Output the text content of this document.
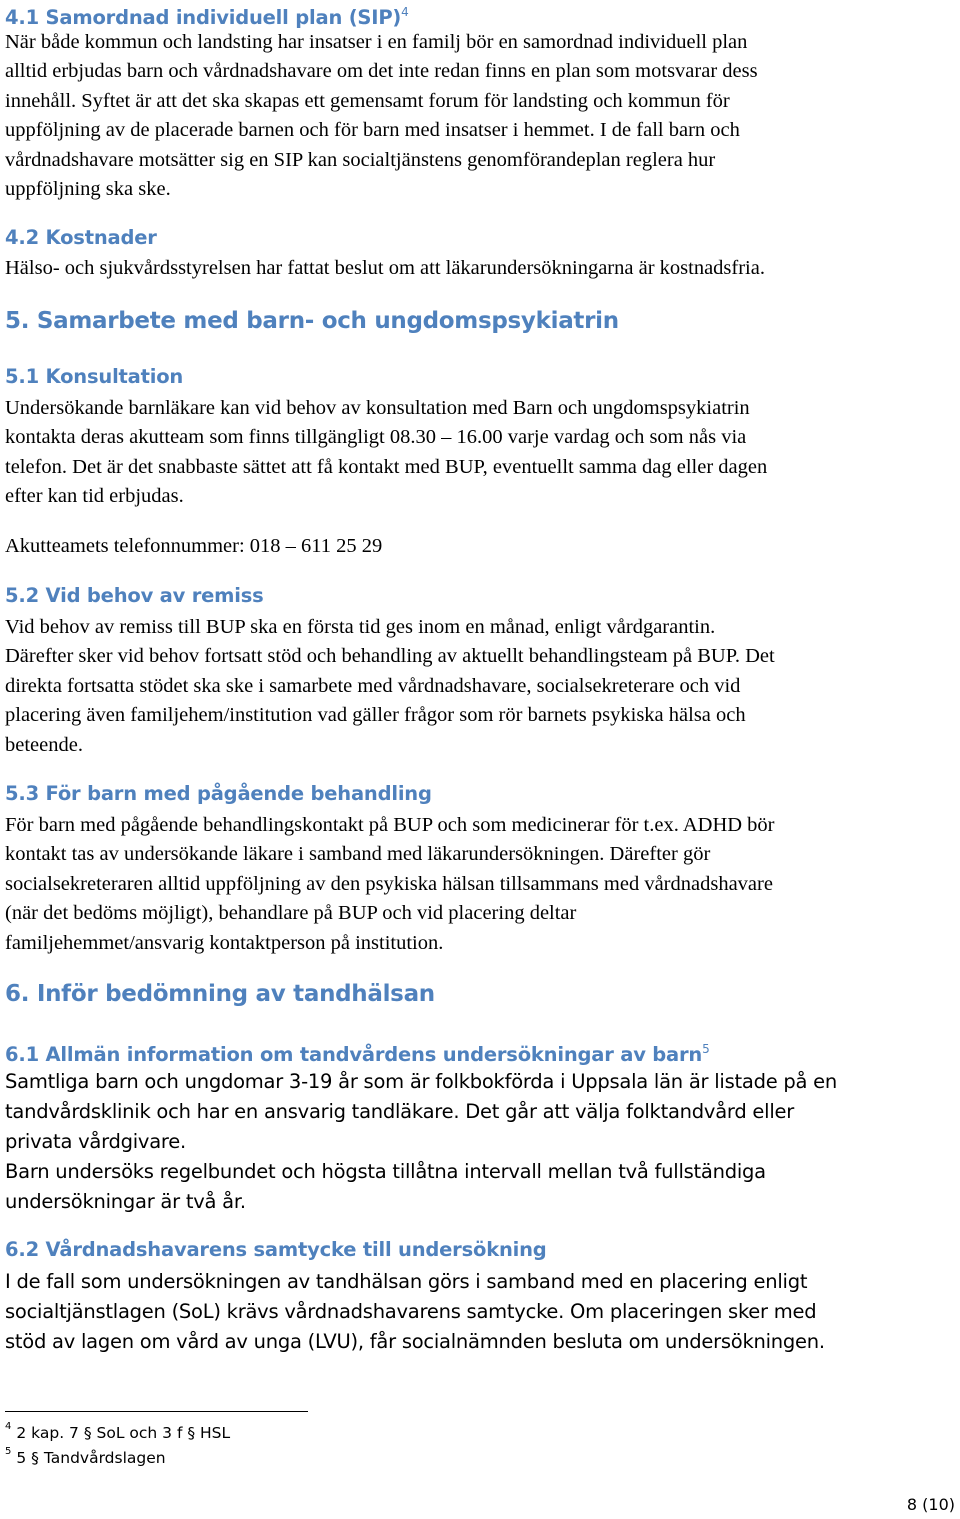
4.1 Samordnad individuell plan (SIP)$^4$
När både kommun och landsting har insatser i en familj bör en samordnad individuell plan
alltid erbjudas barn och vårdnadshavare om det inte redan finns en plan som motsvarar dess
innehåll. Syftet är att det ska skapas ett gemensamt forum för landsting och kommun för
uppföljning av de placerade barnen och för barn med insatser i hemmet. I de fall barn och
vårdnadshavare motsätter sig en SIP kan socialtjänstens genomförandeplan reglera hur
uppföljning ska ske.
4.2 Kostnader
Hälso- och sjukvårdsstyrelsen har fattat beslut om att läkarundersökningarna är kostnadsfria.
5. Samarbete med barn- och ungdomspsykiatrin
5.1 Konsultation
Undersökande barnläkare kan vid behov av konsultation med Barn och ungdomspsykiatrin
kontakta deras akutteam som finns tillgängligt 08.30 – 16.00 varje vardag och som nås via
telefon. Det är det snabbaste sättet att få kontakt med BUP, eventuellt samma dag eller dagen
efter kan tid erbjudas.
Akutteamets telefonnummer: 018 – 611 25 29
5.2 Vid behov av remiss
Vid behov av remiss till BUP ska en första tid ges inom en månad, enligt vårdgarantin.
Därefter sker vid behov fortsatt stöd och behandling av aktuellt behandlingsteam på BUP. Det
direkta fortsatta stödet ska ske i samarbete med vårdnadshavare, socialsekreterare och vid
placering även familjehem/institution vad gäller frågor som rör barnets psykiska hälsa och
beteende.
5.3 För barn med pågående behandling
För barn med pågående behandlingskontakt på BUP och som medicinerar för t.ex. ADHD bör
kontakt tas av undersökande läkare i samband med läkarundersökningen. Därefter gör
socialsekreteraren alltid uppföljning av den psykiska hälsan tillsammans med vårdnadshavare
(när det bedöms möjligt), behandlare på BUP och vid placering deltar
familjehemmet/ansvarig kontaktperson på institution.
6. Inför bedömning av tandhälsan
6.1 Allmän information om tandvårdens undersökningar av barn$^5$
Samtliga barn och ungdomar 3-19 år som är folkbokförda i Uppsala län är listade på en
tandvårdsklinik och har en ansvarig tandläkare. Det går att välja folktandvård eller
privata vårdgivare.
Barn undersöks regelbundet och högsta tillåtna intervall mellan två fullständiga
undersökningar är två år.
6.2 Vårdnadshavarens samtycke till undersökning
I de fall som undersökningen av tandhälsan görs i samband med en placering enligt
socialtjänstlagen (SoL) krävs vårdnadshavarens samtycke. Om placeringen sker med
stöd av lagen om vård av unga (LVU), får socialnämnden besluta om undersökningen.
$^4$ 2 kap. 7 § SoL och 3 f § HSL
$^5$ 5 § Tandvårdslagen
8 (10)
